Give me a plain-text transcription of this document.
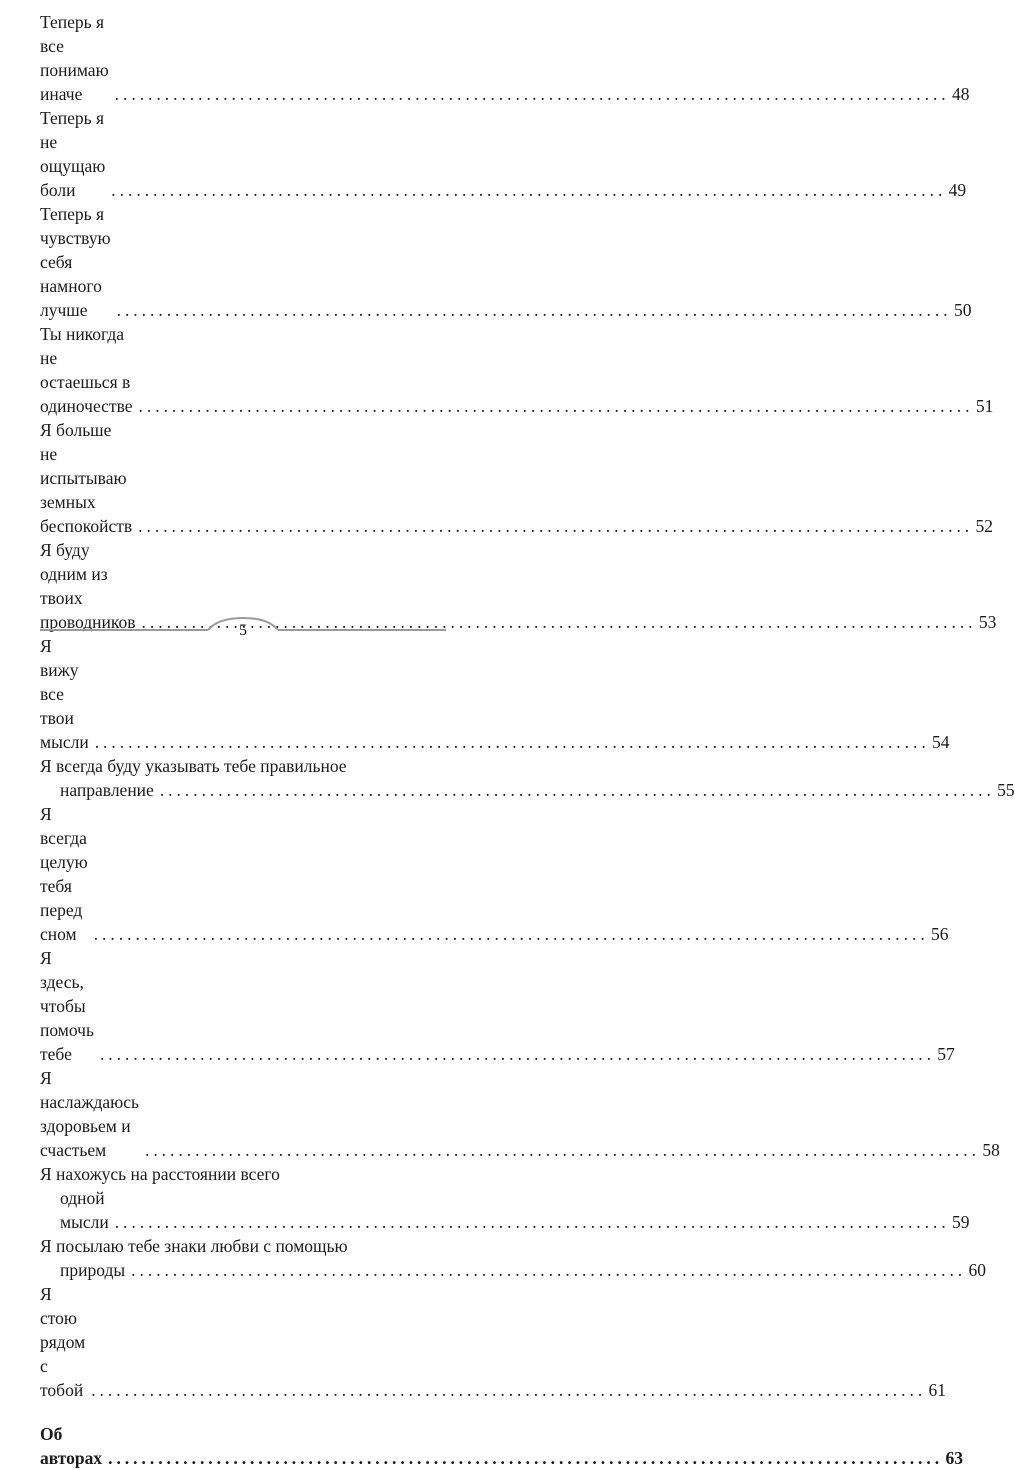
Теперь я все понимаю иначе . . .	48
Теперь я не ощущаю боли . . .	49
Теперь я чувствую себя намного лучше . . .	50
Ты никогда не остаешься в одиночестве . . .	51
Я больше не испытываю земных беспокойств . . .	52
Я буду одним из твоих проводников . . .	53
Я вижу все твои мысли . . .	54
Я всегда буду указывать тебе правильное
направление . . .	55
Я всегда целую тебя перед сном . . .	56
Я здесь, чтобы помочь тебе . . .	57
Я наслаждаюсь здоровьем и счастьем . . .	58
Я нахожусь на расстоянии всего
одной мысли . . .	59
Я посылаю тебе знаки любви с помощью
природы . . .	60
Я стою рядом с тобой . . .	61
Об авторах . . .	63
5
